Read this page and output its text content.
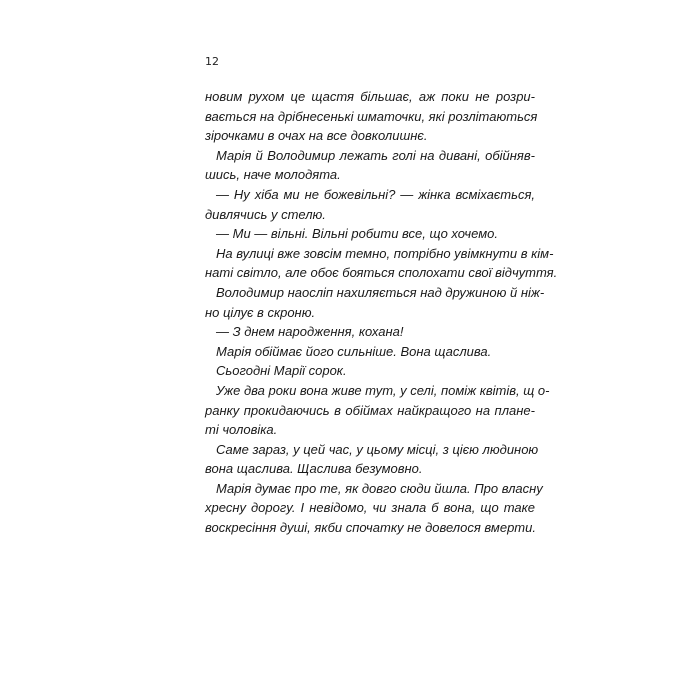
12
новим рухом це щастя більшає, аж поки не розри-
вається на дрібнесенькі шматочки, які розлітаються
зірочками в очах на все довколишнє.
Марія й Володимир лежать голі на дивані, обійняв-
шись, наче молодята.
— Ну хіба ми не божевільні? — жінка всміхається,
дивлячись у стелю.
— Ми — вільні. Вільні робити все, що хочемо.
На вулиці вже зовсім темно, потрібно увімкнути в кім-
наті світло, але обоє бояться сполохати свої відчуття.
Володимир наосліп нахиляється над дружиною й ніж-
но цілує в скроню.
— З днем народження, кохана!
Марія обіймає його сильніше. Вона щаслива.
Сьогодні Марії сорок.
Уже два роки вона живе тут, у селі, поміж квітів, щ о-
ранку прокидаючись в обіймах найкращого на плане-
ті чоловіка.
Саме зараз, у цей час, у цьому місці, з цією людиною
вона щаслива. Щаслива безумовно.
Марія думає про те, як довго сюди йшла. Про власну
хресну дорогу. І невідомо, чи знала б вона, що таке
воскресіння душі, якби спочатку не довелося вмерти.
